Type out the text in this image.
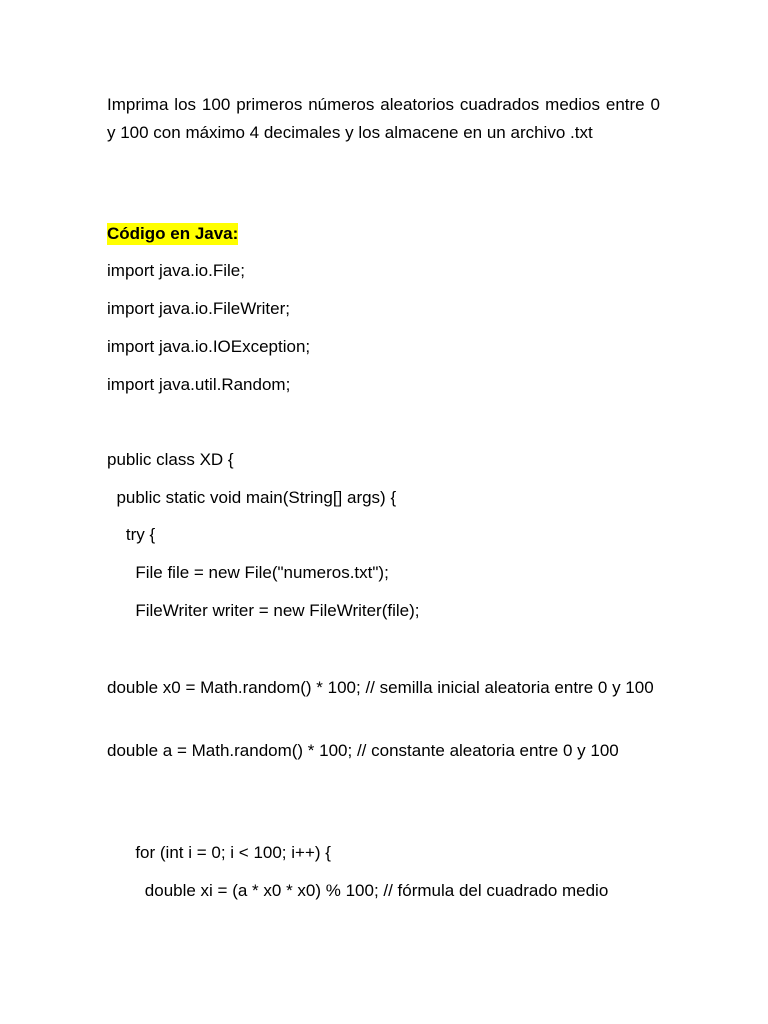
Imprima los 100 primeros números aleatorios cuadrados medios entre 0 y 100 con máximo 4 decimales y los almacene en un archivo .txt

Código en Java:

import java.io.File;

import java.io.FileWriter;

import java.io.IOException;

import java.util.Random;

public class XD {

public static void main(String[] args) {

try {

File file = new File("numeros.txt");

FileWriter writer = new FileWriter(file);

double x0 = Math.random() * 100; // semilla inicial aleatoria entre 0 y 100

double a = Math.random() * 100; // constante aleatoria entre 0 y 100

for (int i = 0; i < 100; i++) {

double xi = (a * x0 * x0) % 100; // fórmula del cuadrado medio
